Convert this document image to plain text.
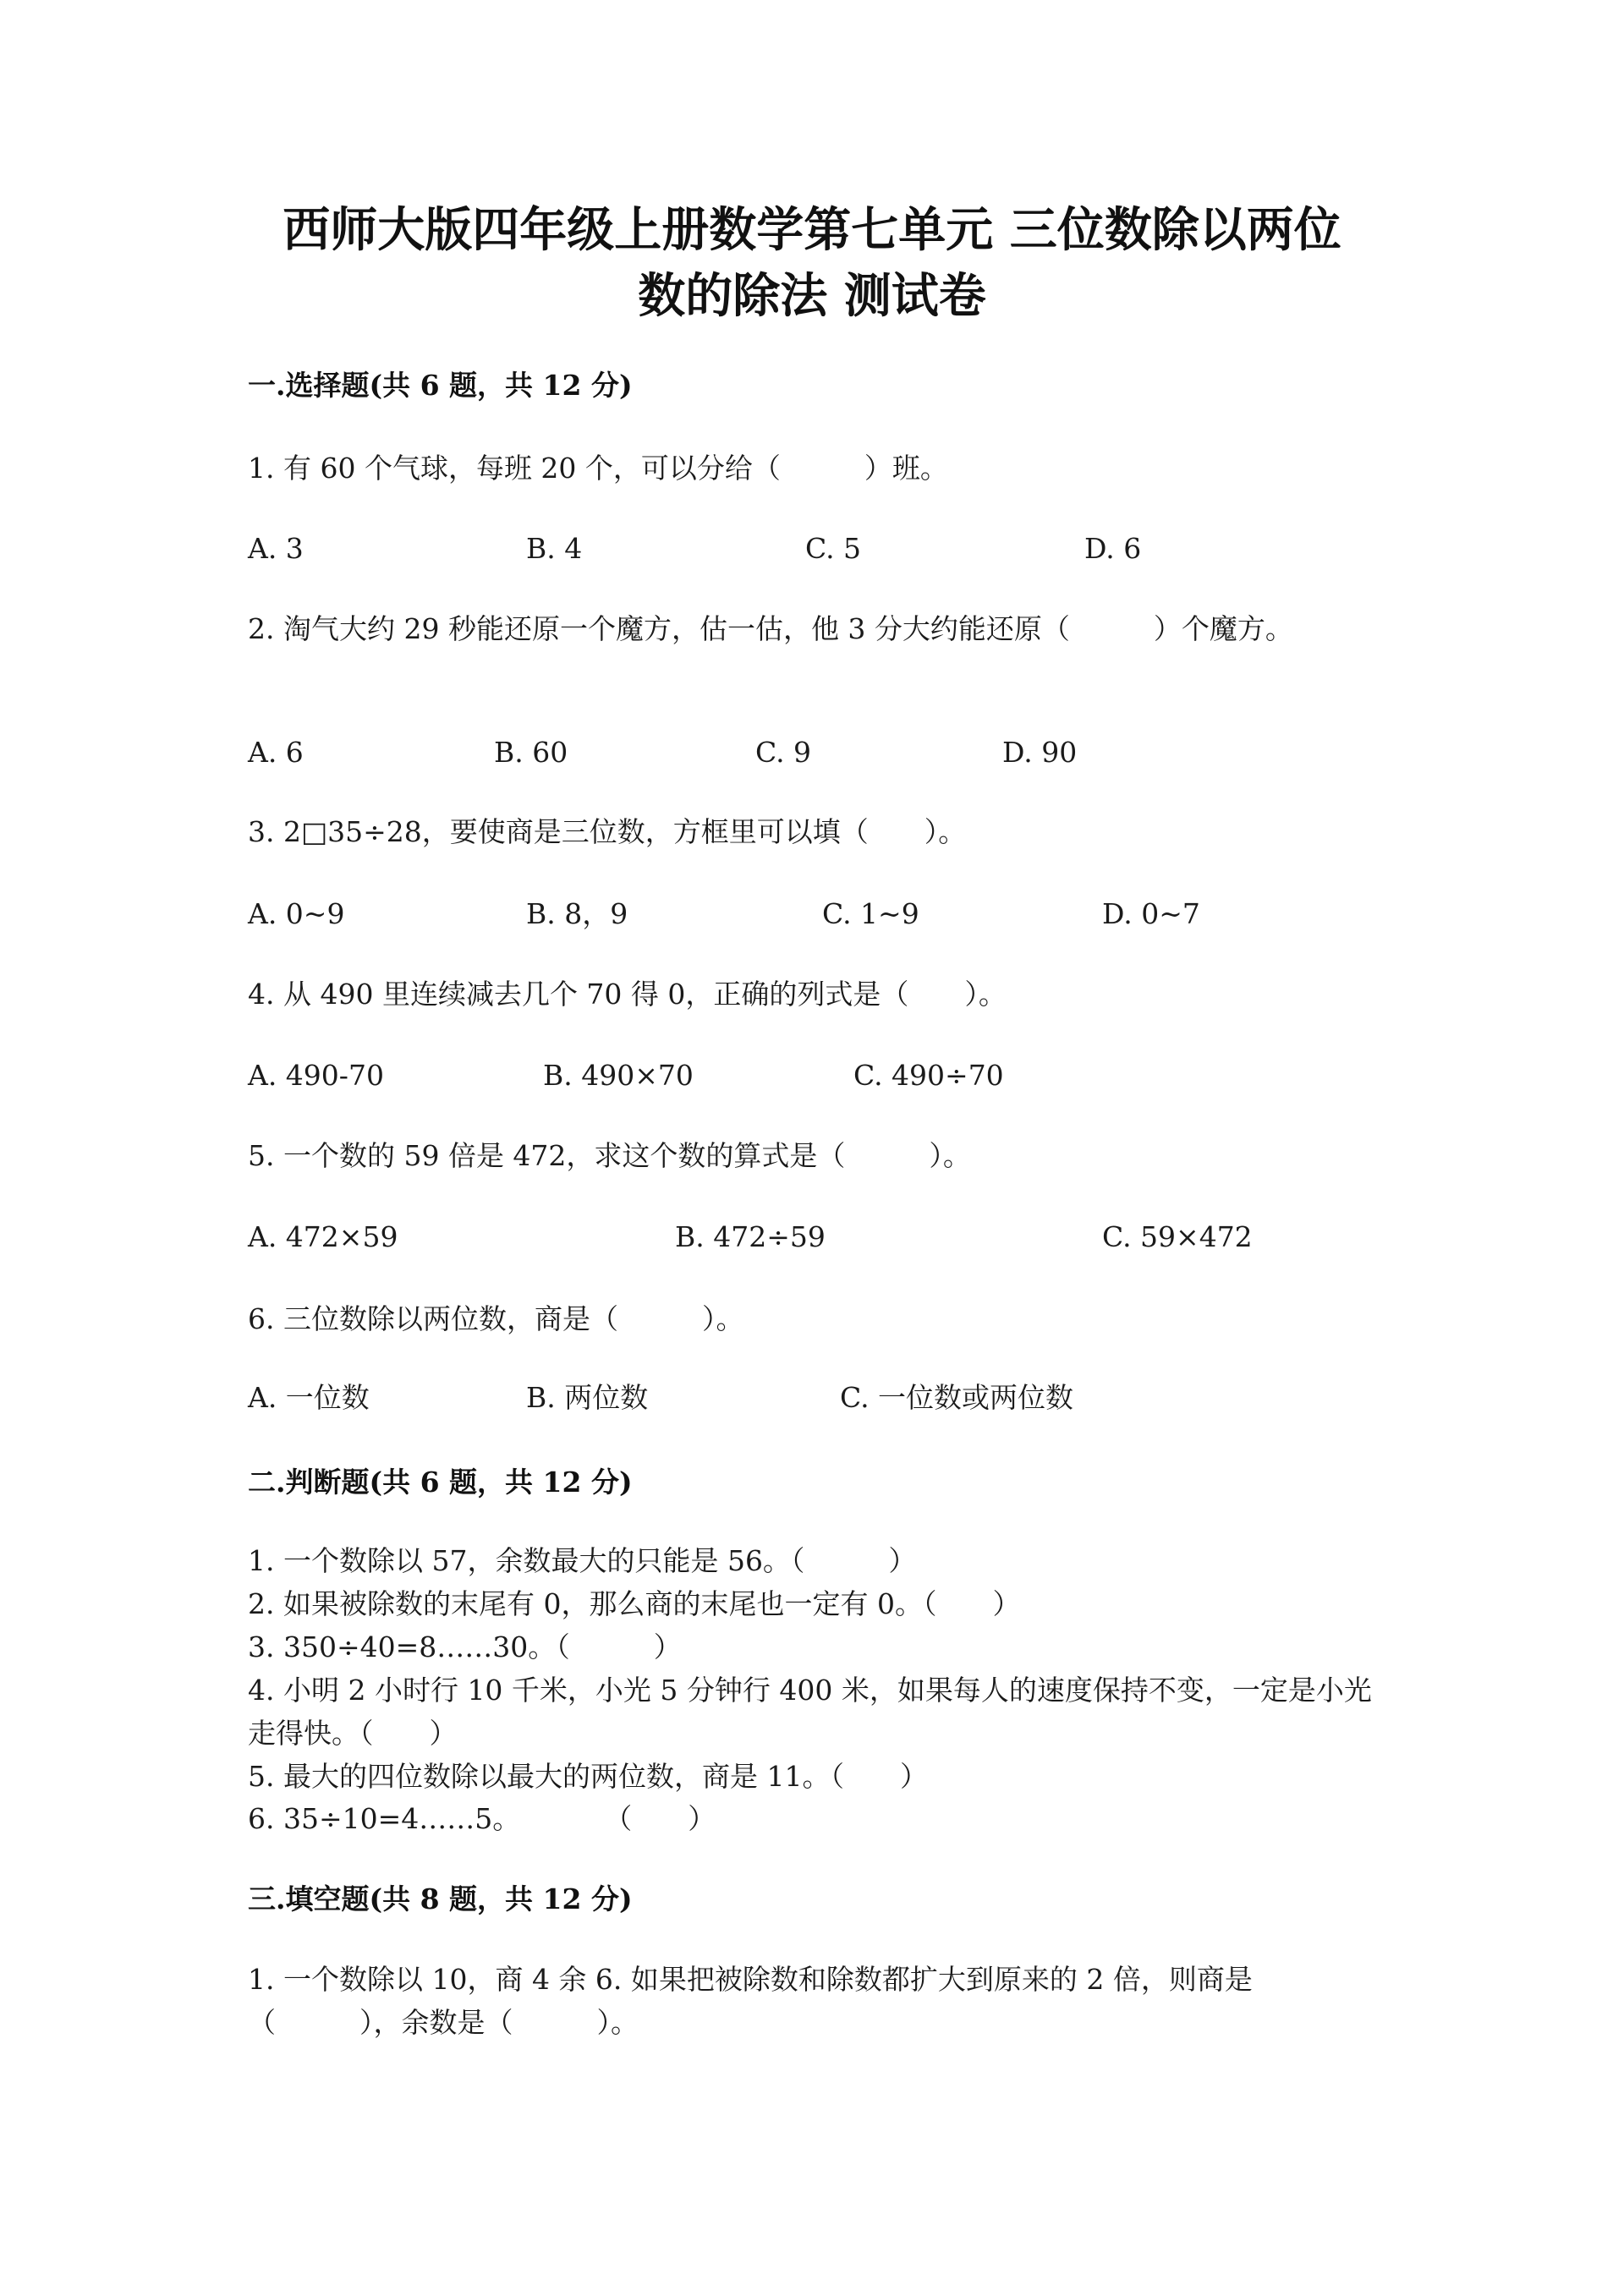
西师大版四年级上册数学第七单元 三位数除以两位
数的除法 测试卷
一.选择题(共 6 题，共 12 分)
1. 有 60 个气球，每班 20 个，可以分给（　　　）班。
A. 3	B. 4	C. 5	D. 6
2. 淘气大约 29 秒能还原一个魔方，估一估，他 3 分大约能还原（　　　）个魔方。
A. 6	B. 60	C. 9	D. 90
3. 2□35÷28，要使商是三位数，方框里可以填（　　）。
A. 0~9	B. 8，9	C. 1~9	D. 0~7
4. 从 490 里连续减去几个 70 得 0，正确的列式是（　　）。
A. 490-70	B. 490×70	C. 490÷70
5. 一个数的 59 倍是 472，求这个数的算式是（　　　）。
A. 472×59	B. 472÷59	C. 59×472
6. 三位数除以两位数，商是（　　　）。
A. 一位数	B. 两位数	C. 一位数或两位数
二.判断题(共 6 题，共 12 分)
1. 一个数除以 57，余数最大的只能是 56。（　　　）
2. 如果被除数的末尾有 0，那么商的末尾也一定有 0。（　　）
3. 350÷40=8……30。（　　　）
4. 小明 2 小时行 10 千米，小光 5 分钟行 400 米，如果每人的速度保持不变，一定是小光走得快。（　　）
5. 最大的四位数除以最大的两位数，商是 11。（　　）
6. 35÷10=4……5。　　　　（　　）
三.填空题(共 8 题，共 12 分)
1. 一个数除以 10，商 4 余 6. 如果把被除数和除数都扩大到原来的 2 倍，则商是（　　　），余数是（　　　）。
